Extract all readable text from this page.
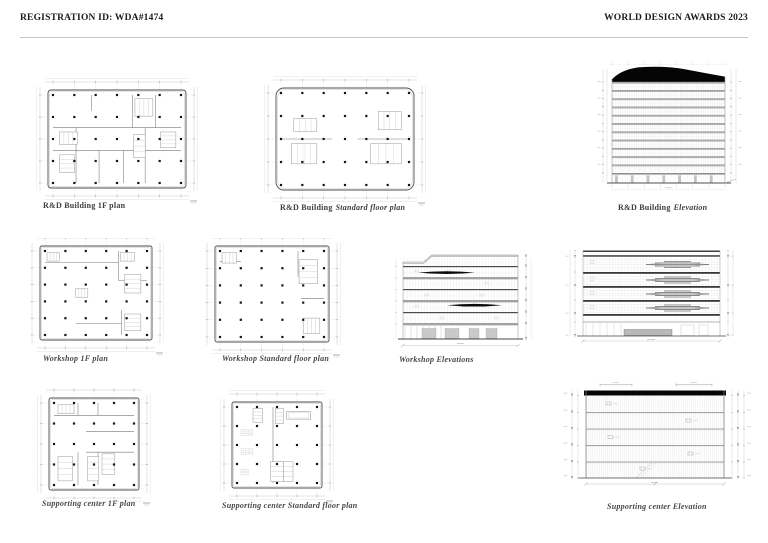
REGISTRATION ID: WDA#1474	WORLD DESIGN AWARDS 2023
R&D Building 1F plan	R&D Building Standard floor plan	R&D Building Elevation
Workshop 1F plan	Workshop Standard floor plan	Workshop Elevations
Supporting center 1F plan	Supporting center Standard floor plan	Supporting center Elevation
